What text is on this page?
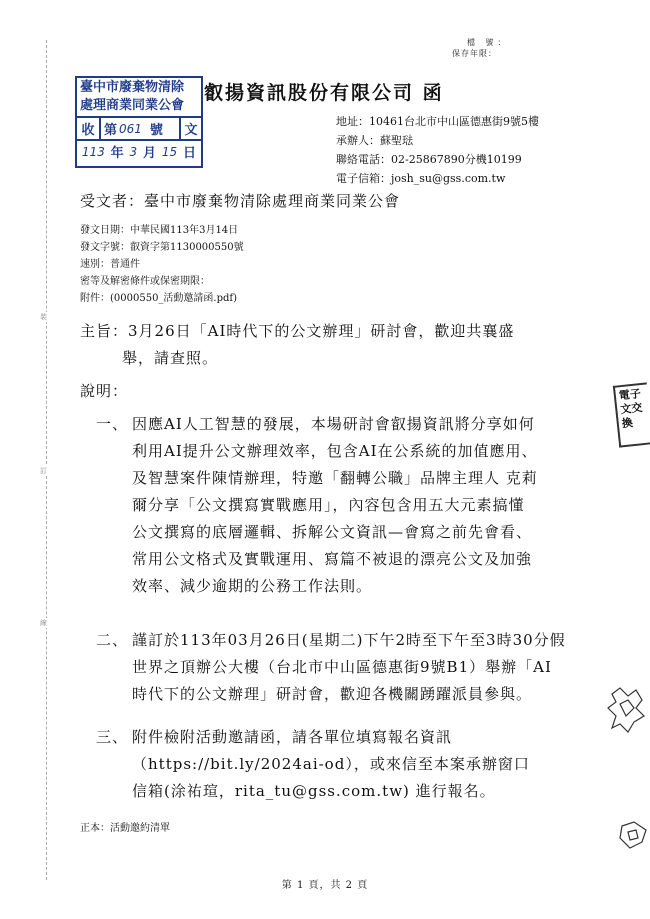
裝
訂
線
檔 號：
保存年限：
臺中市廢棄物清除
處理商業同業公會
收 第 061 號 文
113 年 3 月 15 日
叡揚資訊股份有限公司 函
地址：10461台北市中山區德惠街9號5樓
承辦人：蘇聖琺
聯絡電話：02-25867890分機10199
電子信箱：josh_su@gss.com.tw
受文者：臺中市廢棄物清除處理商業同業公會
發文日期：中華民國113年3月14日
發文字號：叡資字第1130000550號
速別：普通件
密等及解密條件或保密期限：
附件：(0000550_活動邀請函.pdf)
主旨：3月26日「AI時代下的公文辦理」研討會，歡迎共襄盛
舉，請查照。
說明：
一、 因應AI人工智慧的發展，本場研討會叡揚資訊將分享如何
利用AI提升公文辦理效率，包含AI在公系統的加值應用、
及智慧案件陳情辦理，特邀「翻轉公職」品牌主理人 克莉
爾分享「公文撰寫實戰應用」，內容包含用五大元素搞懂
公文撰寫的底層邏輯、拆解公文資訊—會寫之前先會看、
常用公文格式及實戰運用、寫篇不被退的漂亮公文及加強
效率、減少逾期的公務工作法則。
二、 謹訂於113年03月26日(星期二)下午2時至下午至3時30分假
世界之頂辦公大樓（台北市中山區德惠街9號B1）舉辦「AI
時代下的公文辦理」研討會，歡迎各機關踴躍派員參與。
三、 附件檢附活動邀請函，請各單位填寫報名資訊
（https://bit.ly/2024ai-od），或來信至本案承辦窗口
信箱(涂祐瑄，rita_tu@gss.com.tw) 進行報名。
正本：活動邀約清單
電子
文交
換
第 1 頁，共 2 頁
